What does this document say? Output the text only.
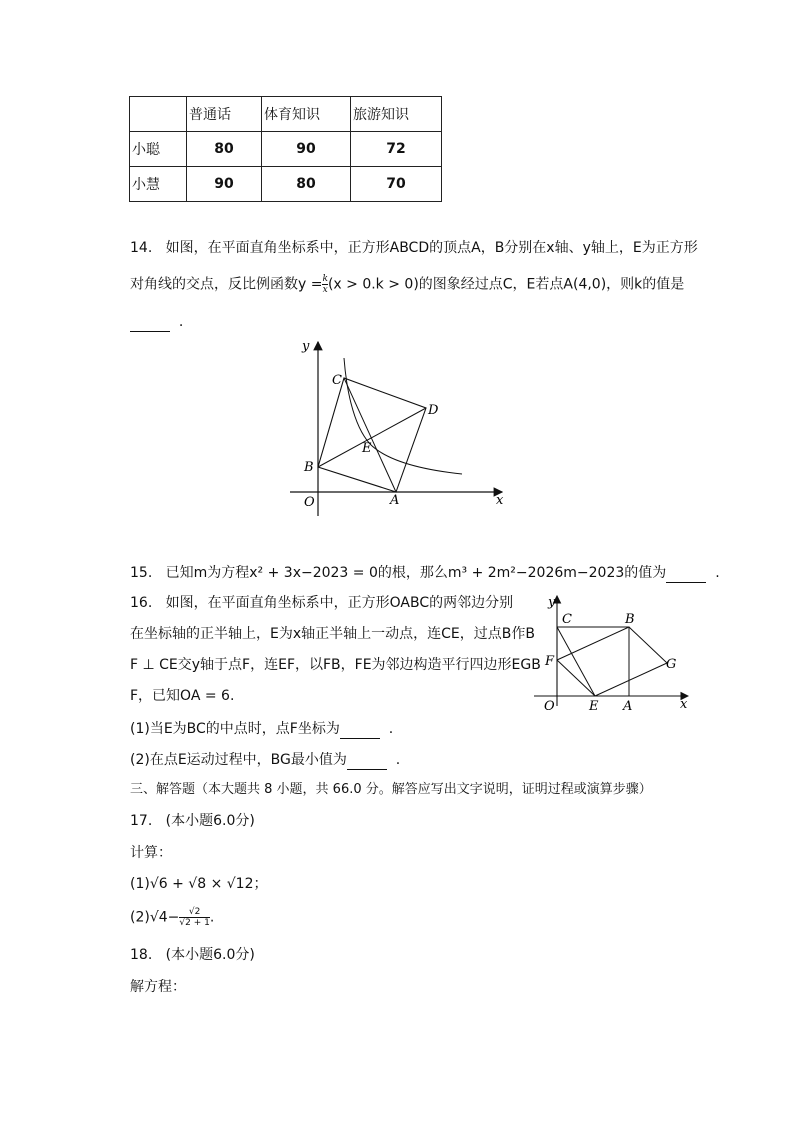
	普通话	体育知识	旅游知识
小聪	80	90	72
小慧	90	80	70
14. 如图，在平面直角坐标系中，正方形ABCD的顶点A，B分别在x轴、y轴上，E为正方形
对角线的交点，反比例函数$y = \frac{k}{x} (x > 0.k > 0)$的图象经过点C，E若点A(4,0)，则k的值是
.
y
x
O	A
B
C
D
E
15. 已知m为方程x² + 3x−2023 = 0的根，那么m³ + 2m²−2026m−2023的值为	.
16. 如图，在平面直角坐标系中，正方形OABC的两邻边分别
在坐标轴的正半轴上，E为x轴正半轴上一动点，连CE，过点B作B
F ⊥ CE交y轴于点F，连EF，以FB，FE为邻边构造平行四边形EGB
F，已知OA = 6.
(1)当E为BC的中点时，点F坐标为	.
(2)在点E运动过程中，BG最小值为	.
y
x
O	A
B
C
E
F	G
三、解答题（本大题共 8 小题，共 66.0 分。解答应写出文字说明，证明过程或演算步骤）
17. (本小题6.0分)
计算：
(1)√6 + √8 × √12；
$(2)√4- \frac{√2}{√2 + 1}$ .
18. (本小题6.0分)
解方程：
